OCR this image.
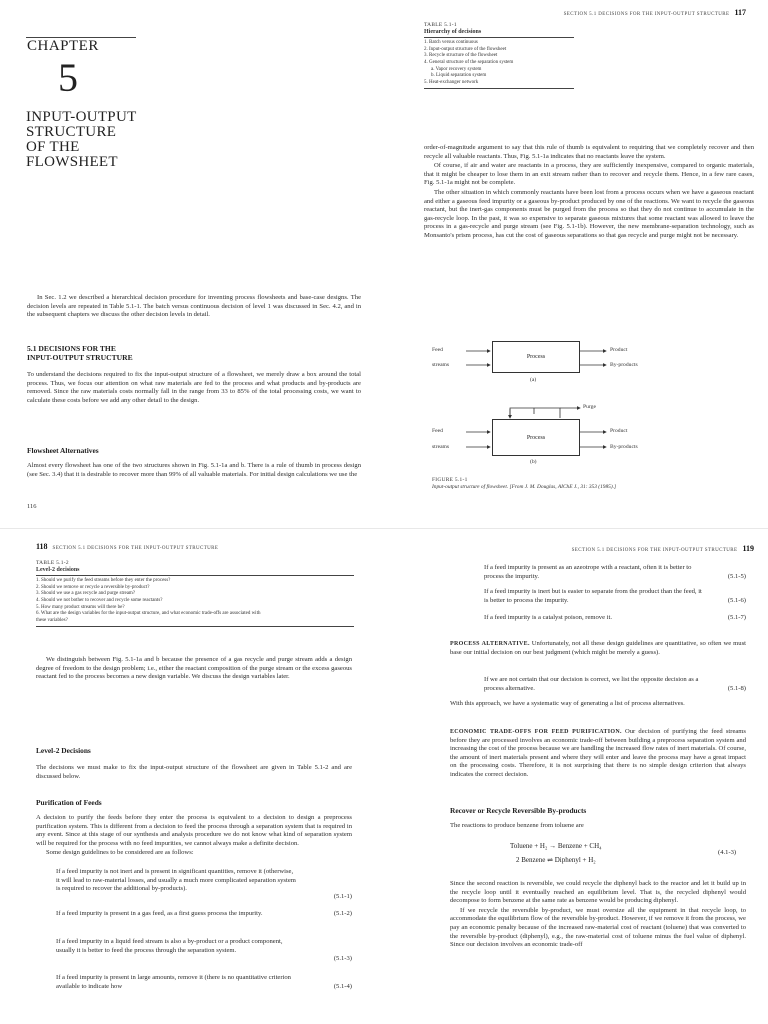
CHAPTER
5
INPUT-OUTPUT
STRUCTURE
OF THE
FLOWSHEET

In Sec. 1.2 we described a hierarchical decision procedure for inventing process flowsheets and base-case designs. The decision levels are repeated in Table 5.1-1. The batch versus continuous decision of level 1 was discussed in Sec. 4.2, and in the subsequent chapters we discuss the other decision levels in detail.

5.1 DECISIONS FOR THE
INPUT-OUTPUT STRUCTURE

To understand the decisions required to fix the input-output structure of a flowsheet, we merely draw a box around the total process. Thus, we focus our attention on what raw materials are fed to the process and what products and by-products are removed. Since the raw materials costs normally fall in the range from 33 to 85% of the total processing costs, we want to calculate these costs before we add any other detail to the design.

Flowsheet Alternatives

Almost every flowsheet has one of the two structures shown in Fig. 5.1-1a and b. There is a rule of thumb in process design (see Sec. 3.4) that it is desirable to recover more than 99% of all valuable materials. For initial design calculations we use the

116
SECTION 5.1 DECISIONS FOR THE INPUT-OUTPUT STRUCTURE 117
TABLE 5.1-1
Hierarchy of decisions
1. Batch versus continuous
2. Input-output structure of the flowsheet
3. Recycle structure of the flowsheet
4. General structure of the separation system
a. Vapor recovery system
b. Liquid separation system
5. Heat-exchanger network

order-of-magnitude argument to say that this rule of thumb is equivalent to requiring that we completely recover and then recycle all valuable reactants. Thus, Fig. 5.1-1a indicates that no reactants leave the system.

Of course, if air and water are reactants in a process, they are sufficiently inexpensive, compared to organic materials, that it might be cheaper to lose them in an exit stream rather than to recover and recycle them. Hence, in a few rare cases, Fig. 5.1-1a might not be complete.

The other situation in which commonly reactants have been lost from a process occurs when we have a gaseous reactant and either a gaseous feed impurity or a gaseous by-product produced by one of the reactions. We want to recycle the gaseous reactant, but the inert-gas components must be purged from the process so that they do not continue to accumulate in the gas-recycle loop. In the past, it was so expensive to separate gaseous mixtures that some reactant was allowed to leave the process in a gas-recycle and purge stream (see Fig. 5.1-1b). However, the new membrane-separation technology, such as Monsanto's prism process, has cut the cost of gaseous separations so that gas recycle and purge might not be necessary.

Feed
streams
Process
Product
By-products
(a)
Purge
Feed
streams
Process
Product
By-products
(b)
FIGURE 5.1-1
Input-output structure of flowsheet. [From J. M. Douglas, AIChE J., 31: 353 (1985).]
118 SECTION 5.1 DECISIONS FOR THE INPUT-OUTPUT STRUCTURE
TABLE 5.1-2
Level-2 decisions
1. Should we purify the feed streams before they enter the process?
2. Should we remove or recycle a reversible by-product?
3. Should we use a gas recycle and purge stream?
4. Should we not bother to recover and recycle some reactants?
5. How many product streams will there be?
6. What are the design variables for the input-output structure, and what economic trade-offs are associated with these variables?

We distinguish between Fig. 5.1-1a and b because the presence of a gas recycle and purge stream adds a design degree of freedom to the design problem; i.e., either the reactant composition of the purge stream or the excess gaseous reactant fed to the process becomes a new design variable. We discuss the design variables later.

Level-2 Decisions

The decisions we must make to fix the input-output structure of the flowsheet are given in Table 5.1-2 and are discussed below.

Purification of Feeds

A decision to purify the feeds before they enter the process is equivalent to a decision to design a preprocess purification system. This is different from a decision to feed the process through a separation system that is required in any event. Since at this stage of our synthesis and analysis procedure we do not know what kind of separation system will be required for the process with no feed impurities, we cannot always make a definite decision.

Some design guidelines to be considered are as follows:

If a feed impurity is not inert and is present in significant quantities, remove it (otherwise, it will lead to raw-material losses, and usually a much more complicated separation system is required to recover the additional by-products).
(5.1-1)
If a feed impurity is present in a gas feed, as a first guess process the impurity.	(5.1-2)
If a feed impurity in a liquid feed stream is also a by-product or a product component, usually it is better to feed the process through the separation system.
(5.1-3)
If a feed impurity is present in large amounts, remove it (there is no quantitative criterion available to indicate how	(5.1-4)
SECTION 5.1 DECISIONS FOR THE INPUT-OUTPUT STRUCTURE 119
If a feed impurity is present as an azeotrope with a reactant, often it is better to process the impurity.	(5.1-5)
If a feed impurity is inert but is easier to separate from the product than the feed, it is better to process the impurity.	(5.1-6)
If a feed impurity is a catalyst poison, remove it.	(5.1-7)

PROCESS ALTERNATIVE. Unfortunately, not all these design guidelines are quantitative, so often we must base our initial decision on our best judgment (which might be merely a guess).

If we are not certain that our decision is correct, we list the opposite decision as a process alternative.	(5.1-8)

With this approach, we have a systematic way of generating a list of process alternatives.

ECONOMIC TRADE-OFFS FOR FEED PURIFICATION. Our decision of purifying the feed streams before they are processed involves an economic trade-off between building a preprocess separation system and increasing the cost of the process because we are handling the increased flow rates of inert materials. Of course, the amount of inert materials present and where they will enter and leave the process may have a great impact on the processing costs. Therefore, it is not surprising that there is no simple design criterion that always indicates the correct decision.

Recover or Recycle Reversible By-products

The reactions to produce benzene from toluene are

Toluene + H₂ → Benzene + CH₄
2 Benzene ⇌ Diphenyl + H₂
(4.1-3)

Since the second reaction is reversible, we could recycle the diphenyl back to the reactor and let it build up in the recycle loop until it eventually reached an equilibrium level. That is, the recycled diphenyl would decompose to form benzene at the same rate as benzene would be producing diphenyl.

If we recycle the reversible by-product, we must oversize all the equipment in that recycle loop, to accommodate the equilibrium flow of the reversible by-product. However, if we remove it from the process, we pay an economic penalty because of the increased raw-material cost of reactant (toluene) that was converted to the reversible by-product (diphenyl), e.g., the raw-material cost of toluene minus the fuel value of diphenyl. Since our decision involves an economic trade-off
